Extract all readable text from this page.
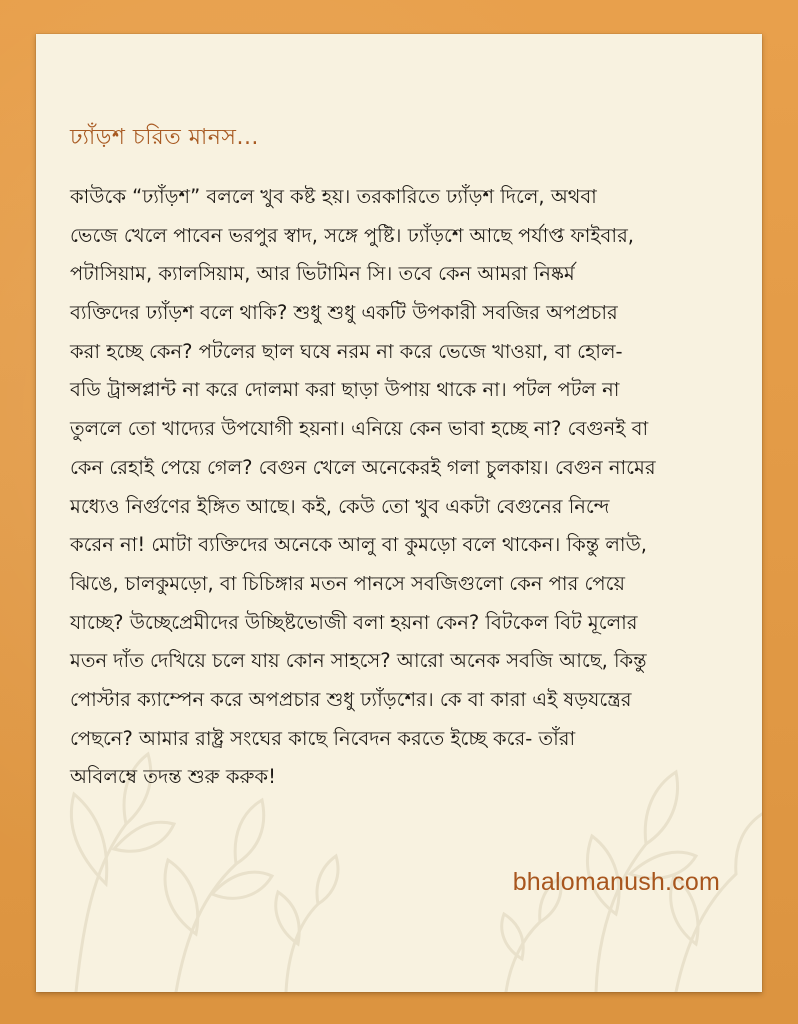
ঢ্যাঁড়শ চরিত মানস...
কাউকে “ঢ্যাঁড়শ” বললে খুব কষ্ট হয়। তরকারিতে ঢ্যাঁড়শ দিলে, অথবা
ভেজে খেলে পাবেন ভরপুর স্বাদ, সঙ্গে পুষ্টি। ঢ্যাঁড়শে আছে পর্যাপ্ত ফাইবার,
পটাসিয়াম, ক্যালসিয়াম, আর ভিটামিন সি। তবে কেন আমরা নিষ্কর্ম
ব্যক্তিদের ঢ্যাঁড়শ বলে থাকি? শুধু শুধু একটি উপকারী সবজির অপপ্রচার
করা হচ্ছে কেন? পটলের ছাল ঘষে নরম না করে ভেজে খাওয়া, বা হোল-
বডি ট্রান্সপ্লান্ট না করে দোলমা করা ছাড়া উপায় থাকে না। পটল পটল না
তুললে তো খাদ্যের উপযোগী হয়না। এনিয়ে কেন ভাবা হচ্ছে না? বেগুনই বা
কেন রেহাই পেয়ে গেল? বেগুন খেলে অনেকেরই গলা চুলকায়। বেগুন নামের
মধ্যেও নির্গুণের ইঙ্গিত আছে। কই, কেউ তো খুব একটা বেগুনের নিন্দে
করেন না! মোটা ব্যক্তিদের অনেকে আলু বা কুমড়ো বলে থাকেন। কিন্তু লাউ,
ঝিঙে, চালকুমড়ো, বা চিচিঙ্গার মতন পানসে সবজিগুলো কেন পার পেয়ে
যাচ্ছে? উচ্ছেপ্রেমীদের উচ্ছিষ্টভোজী বলা হয়না কেন? বিটকেল বিট মূলোর
মতন দাঁত দেখিয়ে চলে যায় কোন সাহসে? আরো অনেক সবজি আছে, কিন্তু
পোস্টার ক্যাম্পেন করে অপপ্রচার শুধু ঢ্যাঁড়শের। কে বা কারা এই ষড়যন্ত্রের
পেছনে? আমার রাষ্ট্র সংঘের কাছে নিবেদন করতে ইচ্ছে করে- তাঁরা
অবিলম্বে তদন্ত শুরু করুক!

bhalomanush.com
